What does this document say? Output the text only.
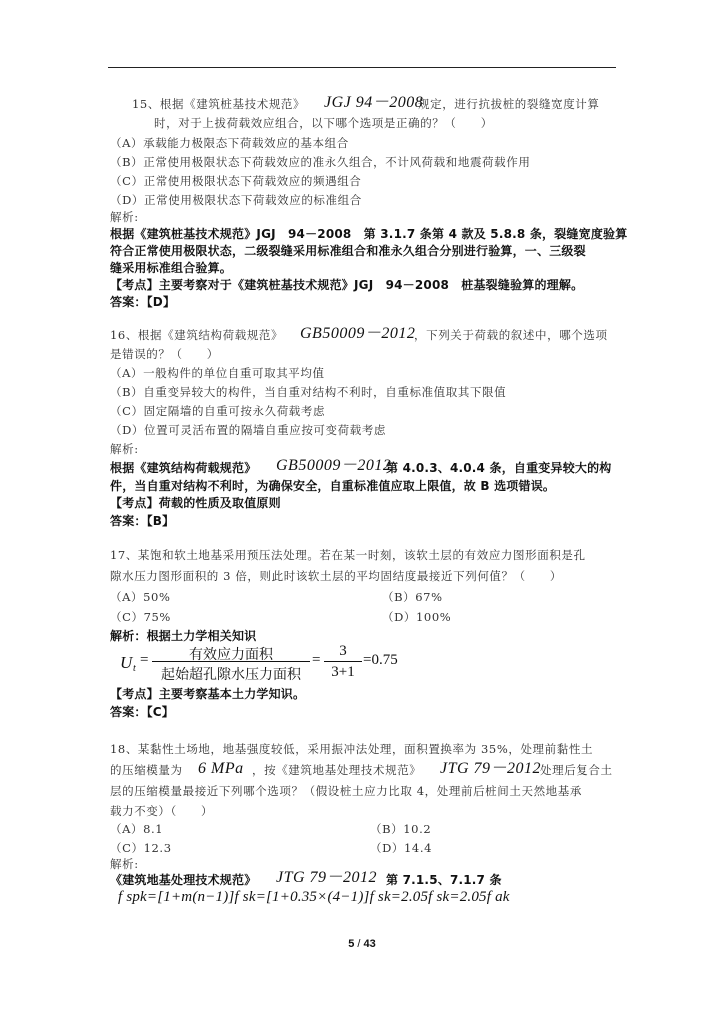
15、根据《建筑桩基技术规范》 JGJ 94－2008
规定，进行抗拔桩的裂缝宽度计算
时，对于上拔荷载效应组合，以下哪个选项是正确的？（　　）
（A）承载能力极限态下荷载效应的基本组合
（B）正常使用极限状态下荷载效应的准永久组合，不计风荷载和地震荷载作用
（C）正常使用极限状态下荷载效应的频遇组合
（D）正常使用极限状态下荷载效应的标准组合
解析:
根据《建筑桩基技术规范》JGJ　94－2008　第 3.1.7 条第 4 款及 5.8.8 条，裂缝宽度验算
符合正常使用极限状态，二级裂缝采用标准组合和准永久组合分别进行验算，一、三级裂
缝采用标准组合验算。
【考点】主要考察对于《建筑桩基技术规范》JGJ　94－2008　桩基裂缝验算的理解。
答案：【D】
16、根据《建筑结构荷载规范》 GB50009－2012
，下列关于荷载的叙述中，哪个选项
是错误的？（　　）
（A）一般构件的单位自重可取其平均值
（B）自重变异较大的构件，当自重对结构不利时，自重标准值取其下限值
（C）固定隔墙的自重可按永久荷载考虑
（D）位置可灵活布置的隔墙自重应按可变荷载考虑
解析:
根据《建筑结构荷载规范》 GB50009－2012
第 4.0.3、4.0.4 条，自重变异较大的构
件，当自重对结构不利时，为确保安全，自重标准值应取上限值，故 B 选项错误。
【考点】荷载的性质及取值原则
答案：【B】
17、某饱和软土地基采用预压法处理。若在某一时刻，该软土层的有效应力图形面积是孔
隙水压力图形面积的 3 倍，则此时该软土层的平均固结度最接近下列何值？（　　）
（A）50%	（B）67%
（C）75%	（D）100%
解析：根据土力学相关知识
U t
=	有效应力面积
起始超孔隙水压力面积
=
3
3+1
=0.75
【考点】主要考察基本土力学知识。
答案：【C】
18、某黏性土场地，地基强度较低，采用振冲法处理，面积置换率为 35%，处理前黏性土
的压缩模量为 6 MPa ，按《建筑地基处理技术规范》 JTG 79－2012
处理后复合土
层的压缩模量最接近下列哪个选项？（假设桩土应力比取 4，处理前后桩间土天然地基承
载力不变）（　　）
（A）8.1	（B）10.2
（C）12.3	（D）14.4
解析:
《建筑地基处理技术规范》 JTG 79－2012 第 7.1.5、7.1.7 条
f spk=[1+m(n−1)]f sk=[1+0.35×(4−1)]f sk=2.05f sk=2.05f ak
5 / 43
